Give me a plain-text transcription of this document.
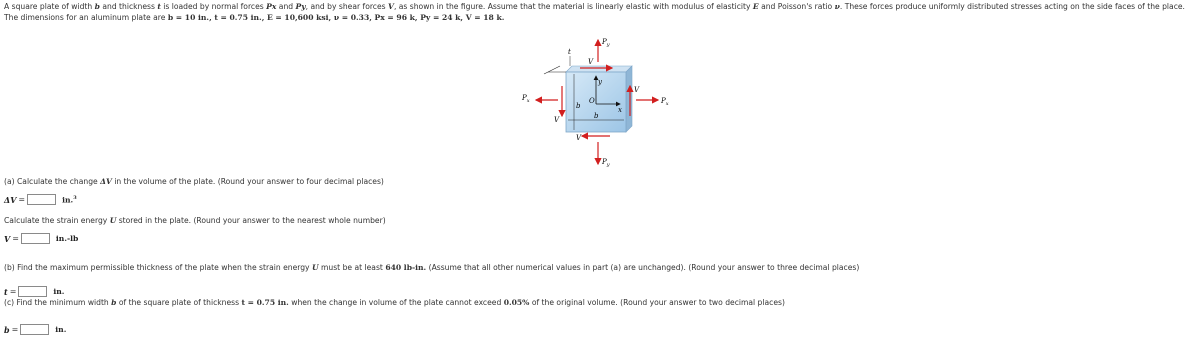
A square plate of width b and thickness t is loaded by normal forces Px and Py, and by shear forces V, as shown in the figure. Assume that the material is linearly elastic with modulus of elasticity E and Poisson's ratio ν. These forces produce uniformly distributed stresses acting on the side faces of the place. The dimensions for an aluminum plate are b = 10 in., t = 0.75 in., E = 10,600 ksi, ν = 0.33, Px = 96 k, Py = 24 k, V = 18 k.
t
y
x
O
b
b
$P_y$
$P_y$
$P_x$	$P_x$
V
V
V
V
(a) Calculate the change ΔV in the volume of the plate. (Round your answer to four decimal places)
ΔV =	in.$^3$
Calculate the strain energy U stored in the plate. (Round your answer to the nearest whole number)
V =	in.-lb
(b) Find the maximum permissible thickness of the plate when the strain energy U must be at least 640 lb-in. (Assume that all other numerical values in part (a) are unchanged). (Round your answer to three decimal places)
t =	in.
(c) Find the minimum width b of the square plate of thickness t = 0.75 in. when the change in volume of the plate cannot exceed 0.05% of the original volume. (Round your answer to two decimal places)
b =	in.
